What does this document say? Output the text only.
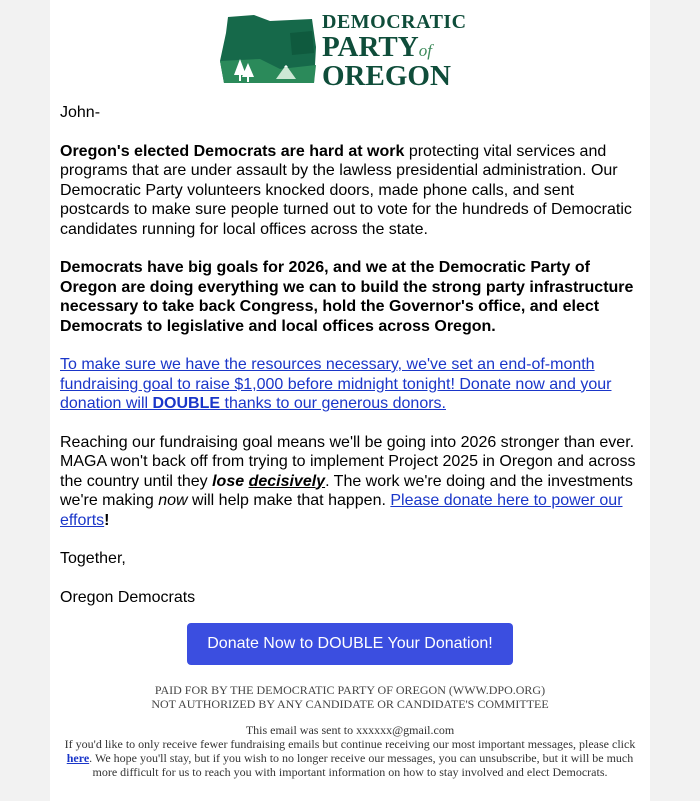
DEMOCRATIC
PARTYof
OREGON

John-

Oregon's elected Democrats are hard at work protecting vital services and programs that are under assault by the lawless presidential administration. Our Democratic Party volunteers knocked doors, made phone calls, and sent postcards to make sure people turned out to vote for the hundreds of Democratic candidates running for local offices across the state.

Democrats have big goals for 2026, and we at the Democratic Party of Oregon are doing everything we can to build the strong party infrastructure necessary to take back Congress, hold the Governor's office, and elect Democrats to legislative and local offices across Oregon.

To make sure we have the resources necessary, we've set an end-of-month fundraising goal to raise $1,000 before midnight tonight! Donate now and your donation will DOUBLE thanks to our generous donors.

Reaching our fundraising goal means we'll be going into 2026 stronger than ever. MAGA won't back off from trying to implement Project 2025 in Oregon and across the country until they lose decisively. The work we're doing and the investments we're making now will help make that happen. Please donate here to power our efforts!

Together,

Oregon Democrats

Donate Now to DOUBLE Your Donation!
PAID FOR BY THE DEMOCRATIC PARTY OF OREGON (WWW.DPO.ORG)
NOT AUTHORIZED BY ANY CANDIDATE OR CANDIDATE'S COMMITTEE
This email was sent to xxxxxx@gmail.com
If you'd like to only receive fewer fundraising emails but continue receiving our most important messages, please click here. We hope you'll stay, but if you wish to no longer receive our messages, you can unsubscribe, but it will be much more difficult for us to reach you with important information on how to stay involved and elect Democrats.
